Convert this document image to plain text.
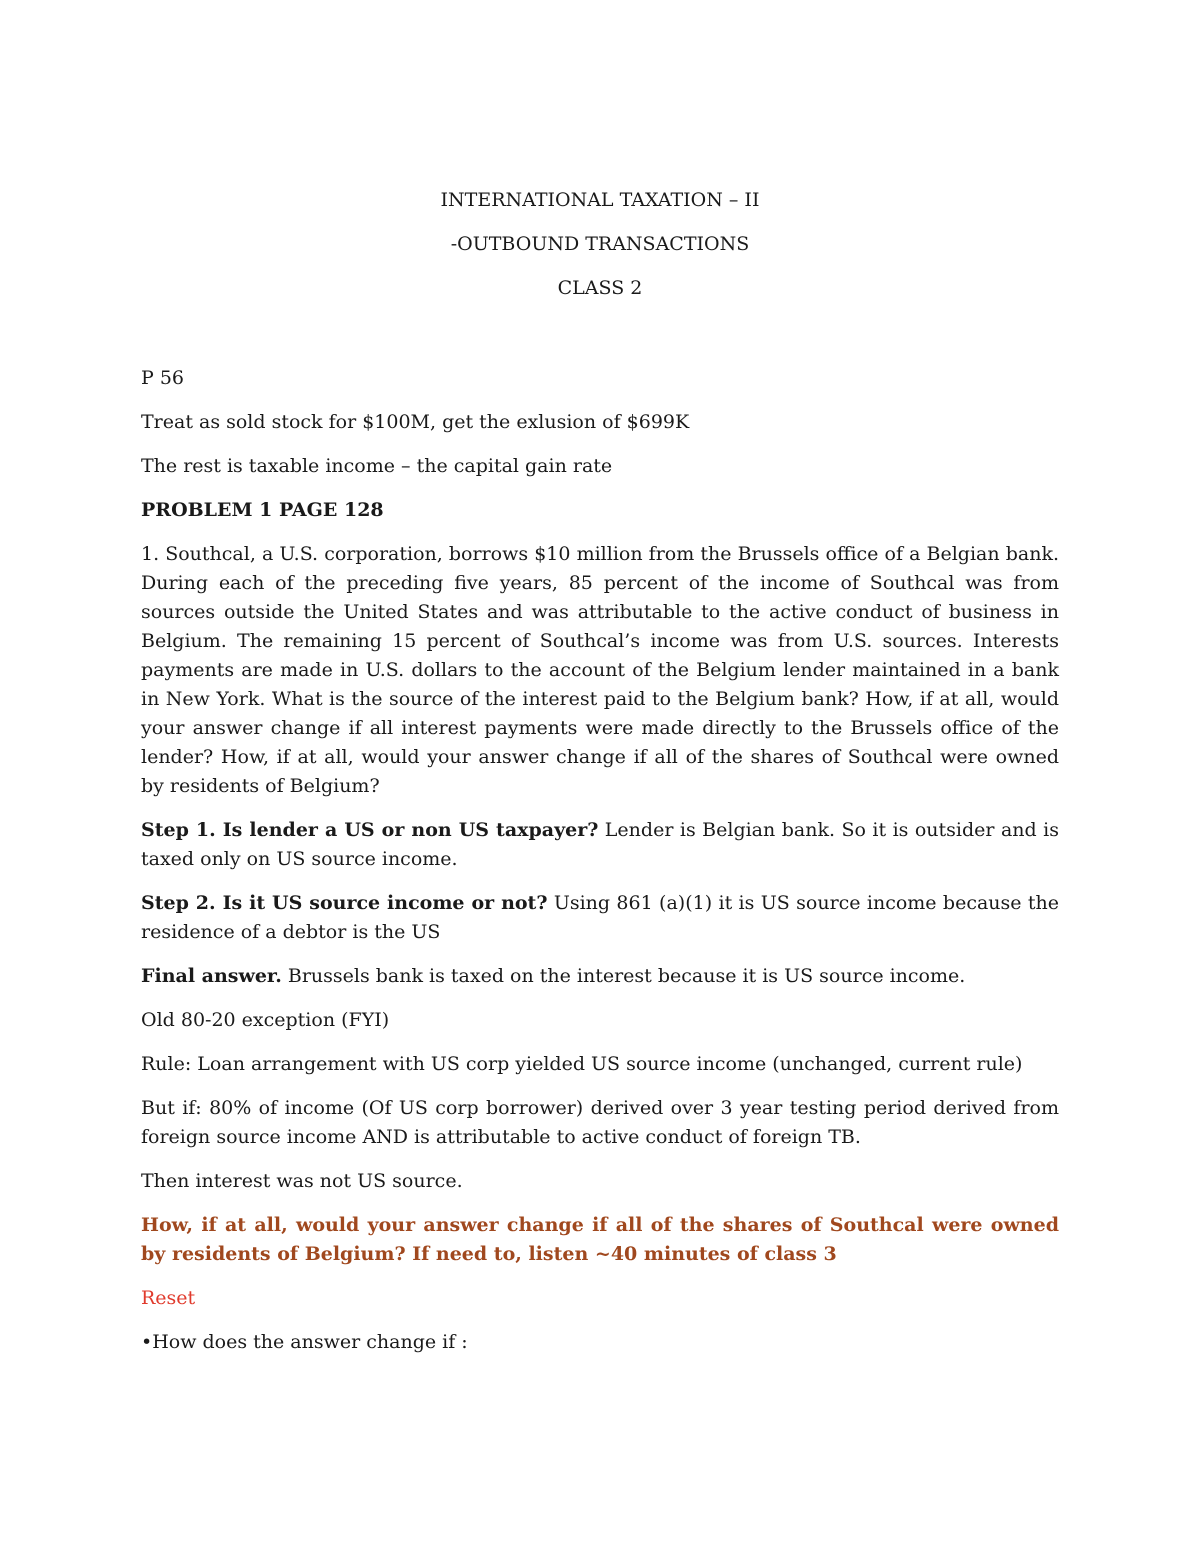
INTERNATIONAL TAXATION – II
-OUTBOUND TRANSACTIONS
CLASS 2

P 56

Treat as sold stock for $100M, get the exlusion of $699K

The rest is taxable income – the capital gain rate

PROBLEM 1 PAGE 128

1. Southcal, a U.S. corporation, borrows $10 million from the Brussels office of a Belgian bank. During each of the preceding five years, 85 percent of the income of Southcal was from sources outside the United States and was attributable to the active conduct of business in Belgium. The remaining 15 percent of Southcal’s income was from U.S. sources. Interests payments are made in U.S. dollars to the account of the Belgium lender maintained in a bank in New York. What is the source of the interest paid to the Belgium bank? How, if at all, would your answer change if all interest payments were made directly to the Brussels office of the lender? How, if at all, would your answer change if all of the shares of Southcal were owned by residents of Belgium?

Step 1. Is lender a US or non US taxpayer? Lender is Belgian bank. So it is outsider and is taxed only on US source income.

Step 2. Is it US source income or not? Using 861 (a)(1) it is US source income because the residence of a debtor is the US

Final answer. Brussels bank is taxed on the interest because it is US source income.

Old 80-20 exception (FYI)

Rule: Loan arrangement with US corp yielded US source income (unchanged, current rule)

But if: 80% of income (Of US corp borrower) derived over 3 year testing period derived from foreign source income AND is attributable to active conduct of foreign TB.

Then interest was not US source.

How, if at all, would your answer change if all of the shares of Southcal were owned by residents of Belgium? If need to, listen ~40 minutes of class 3

Reset

•How does the answer change if :
